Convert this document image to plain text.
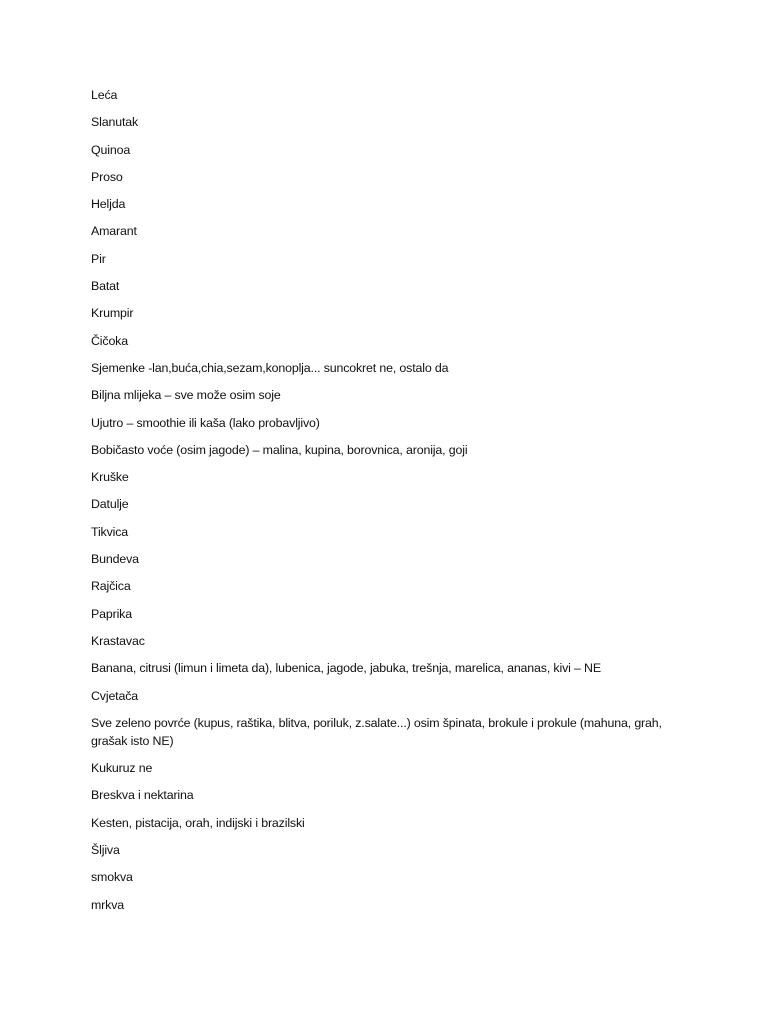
Leća
Slanutak
Quinoa
Proso
Heljda
Amarant
Pir
Batat
Krumpir
Čičoka
Sjemenke -lan,buća,chia,sezam,konoplja... suncokret ne, ostalo da
Biljna mlijeka – sve može osim soje
Ujutro – smoothie ili kaša (lako probavljivo)
Bobičasto voće (osim jagode) – malina, kupina, borovnica, aronija, goji
Kruške
Datulje
Tikvica
Bundeva
Rajčica
Paprika
Krastavac
Banana, citrusi (limun i limeta da), lubenica, jagode, jabuka, trešnja, marelica, ananas, kivi – NE
Cvjetača
Sve zeleno povrće (kupus, raštika, blitva, poriluk, z.salate...) osim špinata, brokule i prokule (mahuna, grah, grašak isto NE)
Kukuruz ne
Breskva i nektarina
Kesten, pistacija, orah, indijski i brazilski
Šljiva
smokva
mrkva
